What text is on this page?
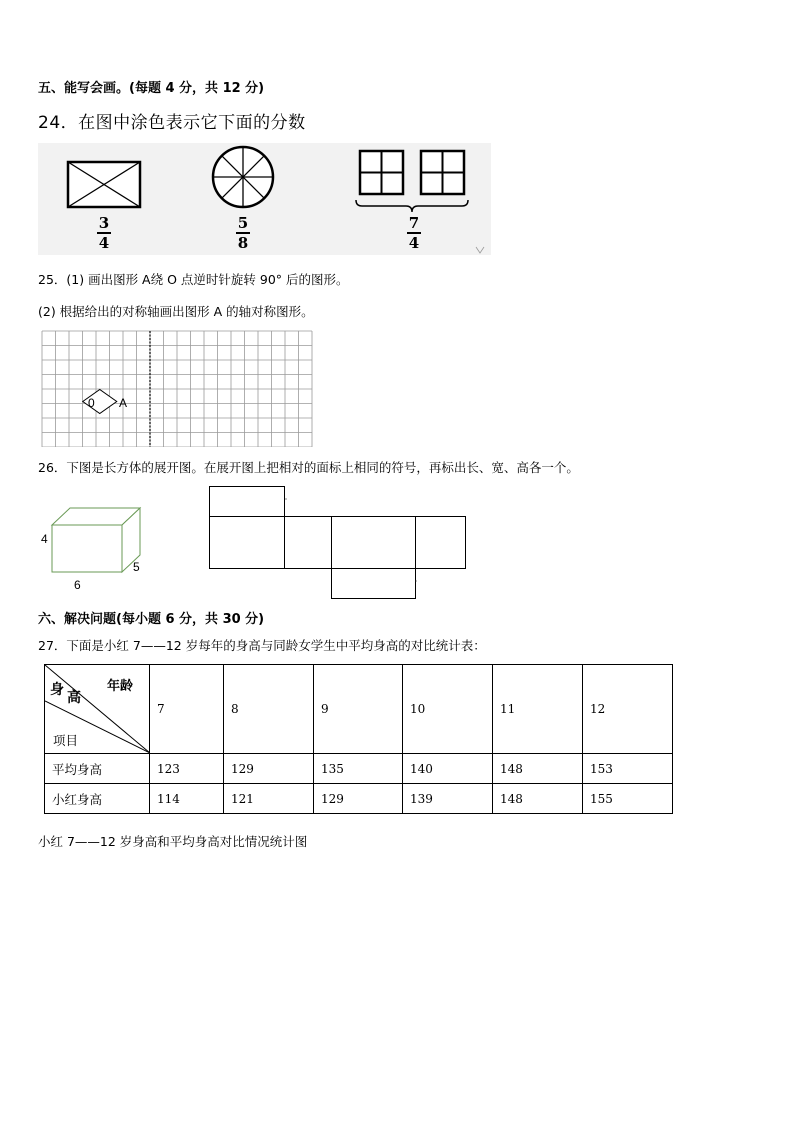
五、能写会画。(每题 4 分，共 12 分)
24．在图中涂色表示它下面的分数
3
4
5
8
7
4
25．(1) 画出图形 A绕 O 点逆时针旋转 90° 后的图形。
(2) 根据给出的对称轴画出图形 A 的轴对称图形。
0 A
26．下图是长方体的展开图。在展开图上把相对的面标上相同的符号，再标出长、宽、高各一个。
4
6
5
六、解决问题(每小题 6 分，共 30 分)
27．下面是小红 7——12 岁每年的身高与同龄女学生中平均身高的对比统计表：
年龄
身 高
项目	7	8	9	10	11	12
平均身高	123	129	135	140	148	153
小红身高	114	121	129	139	148	155
小红 7——12 岁身高和平均身高对比情况统计图
